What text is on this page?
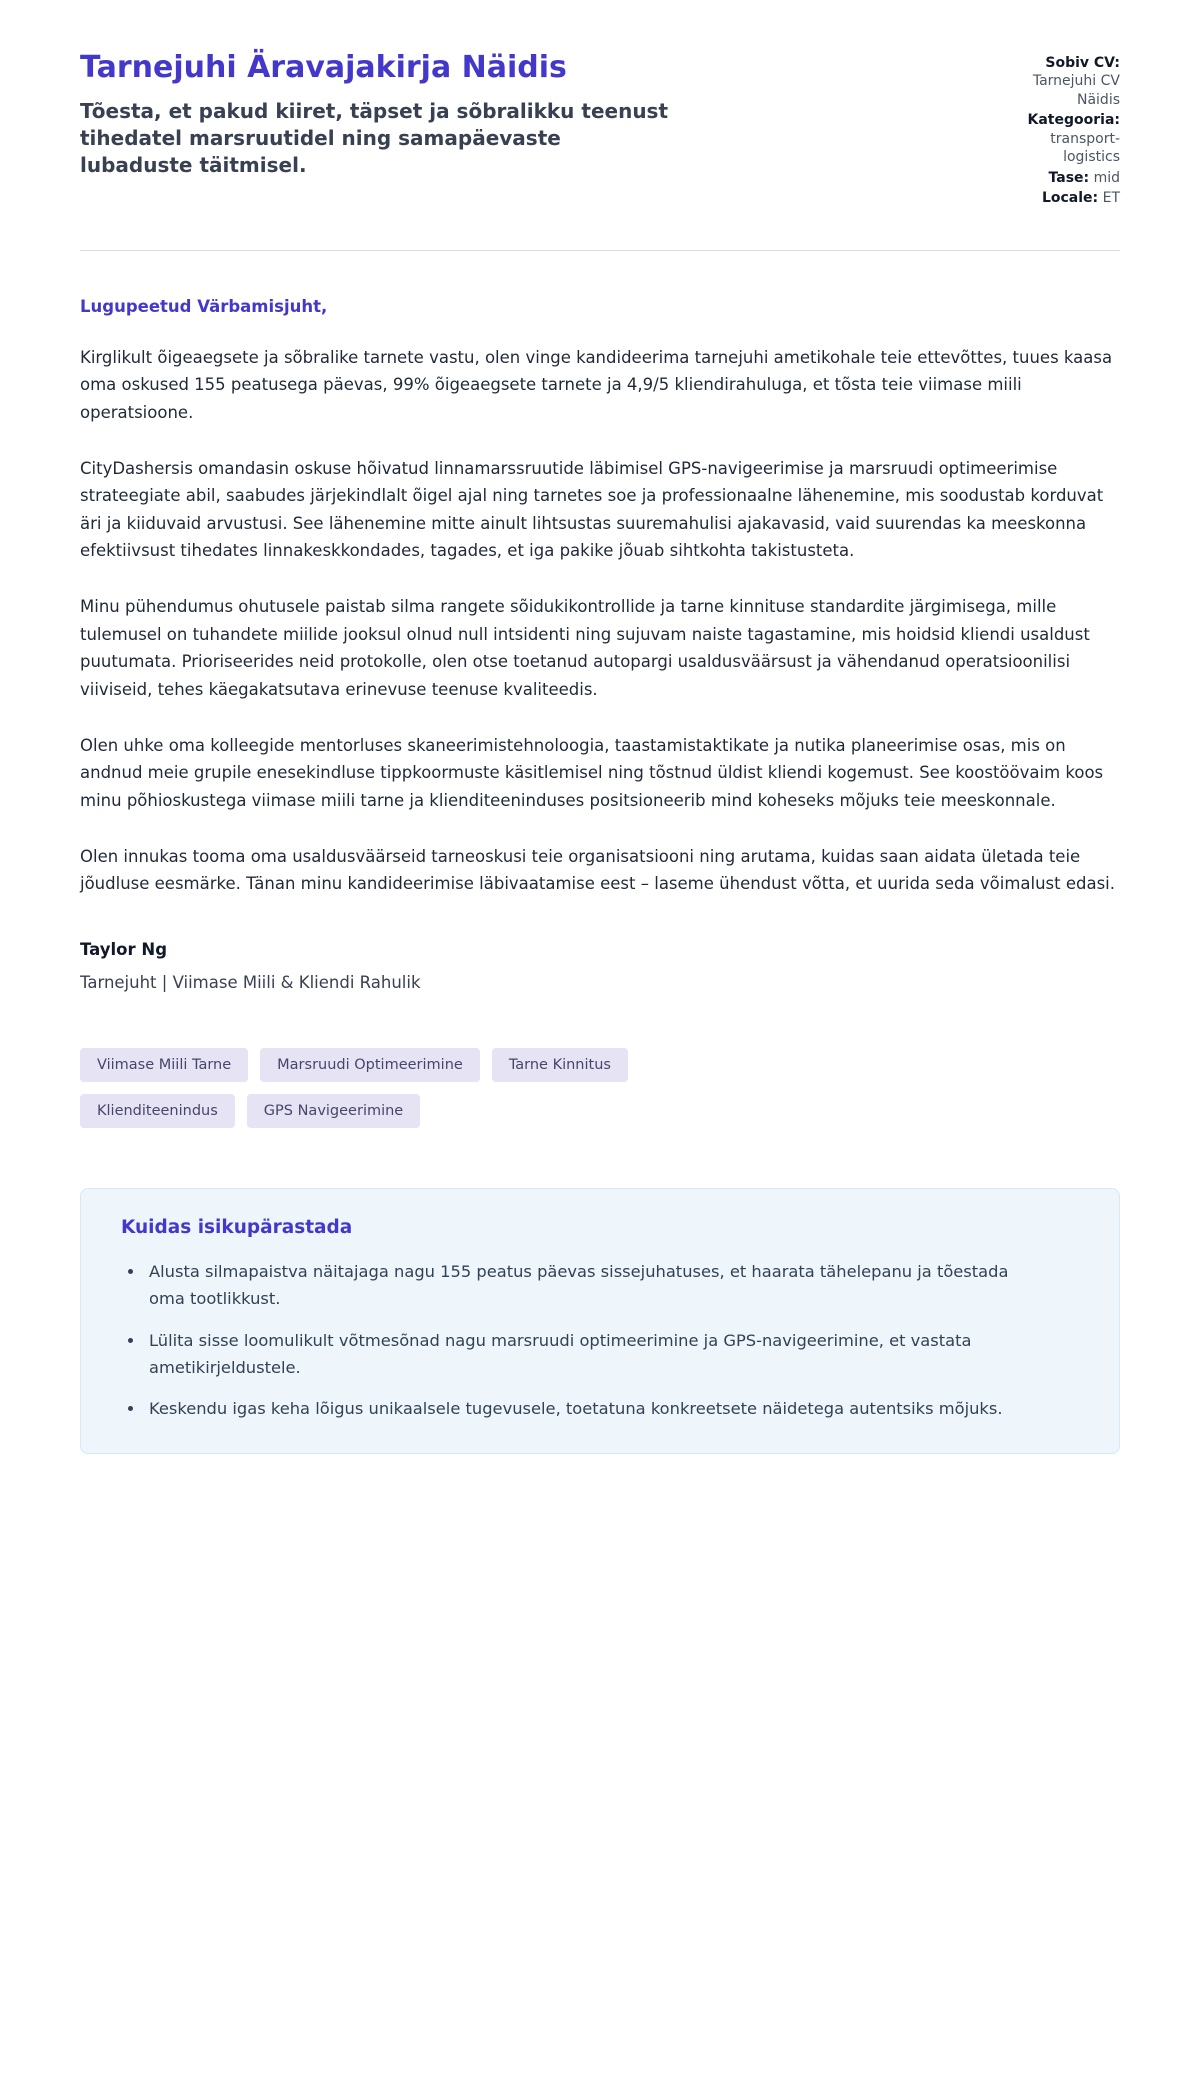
Tarnejuhi Äravajakirja Näidis

Tõesta, et pakud kiiret, täpset ja sõbralikku teenust tihedatel marsruutidel ning samapäevaste lubaduste täitmisel.

Sobiv CV:
Tarnejuhi CV Näidis
Kategooria:
transport-logistics
Tase: mid
Locale: ET

Lugupeetud Värbamisjuht,

Kirglikult õigeaegsete ja sõbralike tarnete vastu, olen vinge kandideerima tarnejuhi ametikohale teie ettevõttes, tuues kaasa oma oskused 155 peatusega päevas, 99% õigeaegsete tarnete ja 4,9/5 kliendirahuluga, et tõsta teie viimase miili operatsioone.

CityDashersis omandasin oskuse hõivatud linnamarssruutide läbimisel GPS-navigeerimise ja marsruudi optimeerimise strateegiate abil, saabudes järjekindlalt õigel ajal ning tarnetes soe ja professionaalne lähenemine, mis soodustab korduvat äri ja kiiduvaid arvustusi. See lähenemine mitte ainult lihtsustas suuremahulisi ajakavasid, vaid suurendas ka meeskonna efektiivsust tihedates linnakeskkondades, tagades, et iga pakike jõuab sihtkohta takistusteta.

Minu pühendumus ohutusele paistab silma rangete sõidukikontrollide ja tarne kinnituse standardite järgimisega, mille tulemusel on tuhandete miilide jooksul olnud null intsidenti ning sujuvam naiste tagastamine, mis hoidsid kliendi usaldust puutumata. Prioriseerides neid protokolle, olen otse toetanud autopargi usaldusväärsust ja vähendanud operatsioonilisi viiviseid, tehes käegakatsutava erinevuse teenuse kvaliteedis.

Olen uhke oma kolleegide mentorluses skaneerimistehnoloogia, taastamistaktikate ja nutika planeerimise osas, mis on andnud meie grupile enesekindluse tippkoormuste käsitlemisel ning tõstnud üldist kliendi kogemust. See koostöövaim koos minu põhioskustega viimase miili tarne ja klienditeeninduses positsioneerib mind koheseks mõjuks teie meeskonnale.

Olen innukas tooma oma usaldusväärseid tarneoskusi teie organisatsiooni ning arutama, kuidas saan aidata ületada teie jõudluse eesmärke. Tänan minu kandideerimise läbivaatamise eest – laseme ühendust võtta, et uurida seda võimalust edasi.

Taylor Ng

Tarnejuht | Viimase Miili & Kliendi Rahulik

Viimase Miili Tarne	Marsruudi Optimeerimine	Tarne Kinnitus
Klienditeenindus	GPS Navigeerimine
Kuidas isikupärastada
• Alusta silmapaistva näitajaga nagu 155 peatus päevas sissejuhatuses, et haarata tähelepanu ja tõestada oma tootlikkust.
• Lülita sisse loomulikult võtmesõnad nagu marsruudi optimeerimine ja GPS-navigeerimine, et vastata ametikirjeldustele.
• Keskendu igas keha lõigus unikaalsele tugevusele, toetatuna konkreetsete näidetega autentsiks mõjuks.
